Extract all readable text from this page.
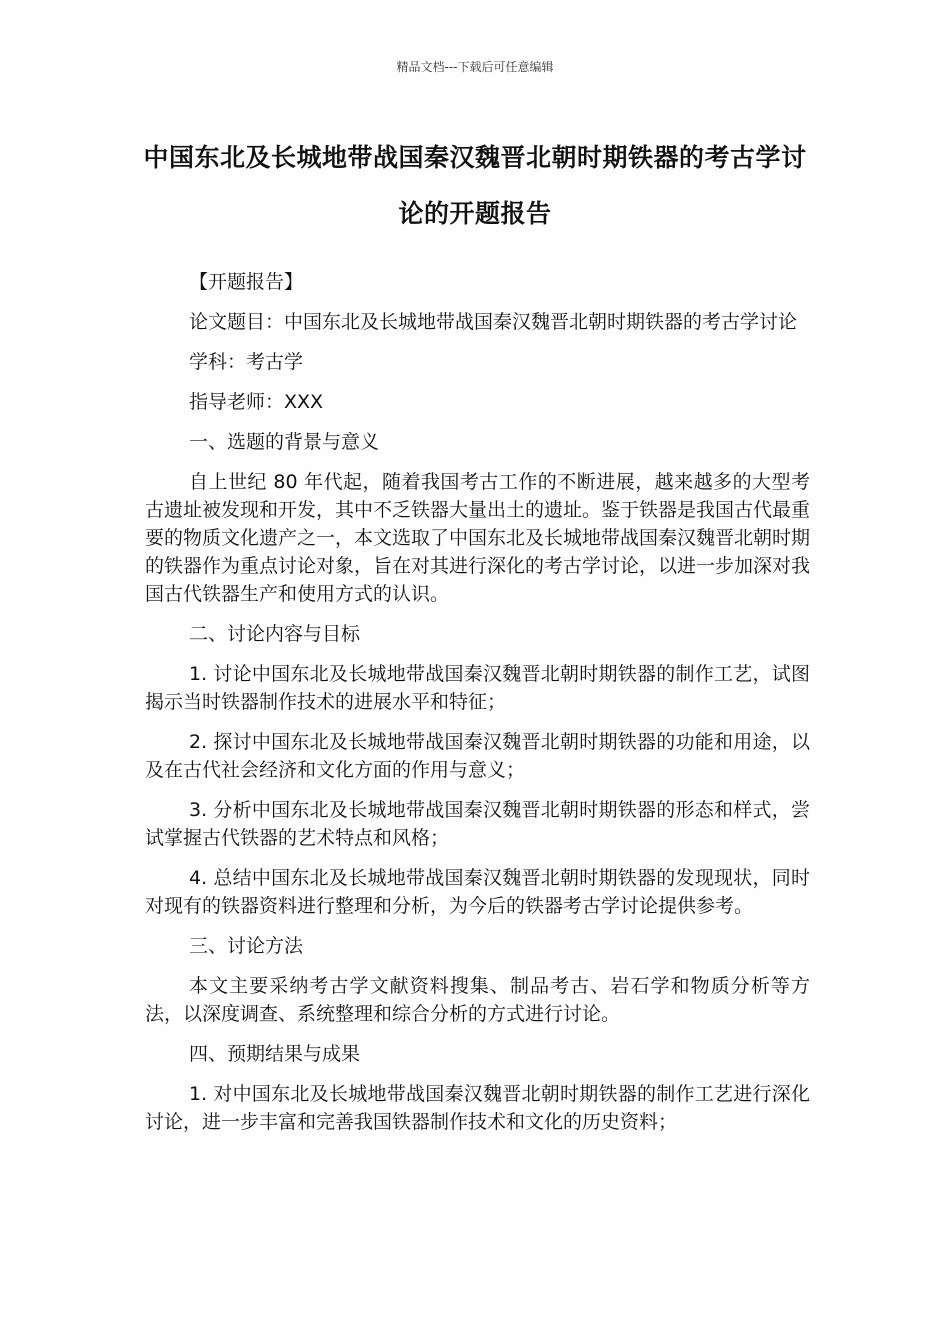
精品文档---下载后可任意编辑
中国东北及长城地带战国秦汉魏晋北朝时期铁器的考古学讨论的开题报告

【开题报告】

论文题目：中国东北及长城地带战国秦汉魏晋北朝时期铁器的考古学讨论

学科：考古学

指导老师：XXX

一、选题的背景与意义

自上世纪 80 年代起，随着我国考古工作的不断进展，越来越多的大型考古遗址被发现和开发，其中不乏铁器大量出土的遗址。鉴于铁器是我国古代最重要的物质文化遗产之一，本文选取了中国东北及长城地带战国秦汉魏晋北朝时期的铁器作为重点讨论对象，旨在对其进行深化的考古学讨论，以进一步加深对我国古代铁器生产和使用方式的认识。

二、讨论内容与目标

1. 讨论中国东北及长城地带战国秦汉魏晋北朝时期铁器的制作工艺，试图揭示当时铁器制作技术的进展水平和特征；

2. 探讨中国东北及长城地带战国秦汉魏晋北朝时期铁器的功能和用途，以及在古代社会经济和文化方面的作用与意义；

3. 分析中国东北及长城地带战国秦汉魏晋北朝时期铁器的形态和样式，尝试掌握古代铁器的艺术特点和风格；

4. 总结中国东北及长城地带战国秦汉魏晋北朝时期铁器的发现现状，同时对现有的铁器资料进行整理和分析，为今后的铁器考古学讨论提供参考。

三、讨论方法

本文主要采纳考古学文献资料搜集、制品考古、岩石学和物质分析等方法，以深度调查、系统整理和综合分析的方式进行讨论。

四、预期结果与成果

1. 对中国东北及长城地带战国秦汉魏晋北朝时期铁器的制作工艺进行深化讨论，进一步丰富和完善我国铁器制作技术和文化的历史资料；
